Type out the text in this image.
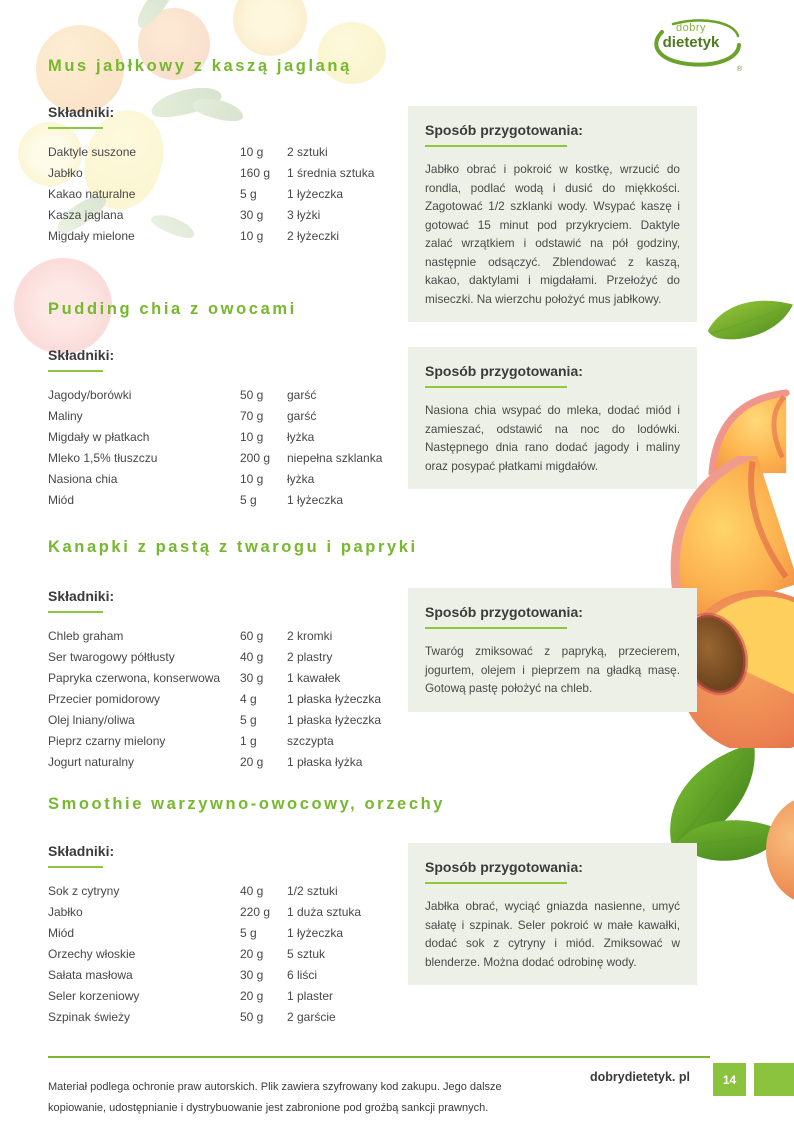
dobry
dietetyk
®
Mus jabłkowy z kaszą jaglaną
Składniki:
Daktyle suszone	10 g	2 sztuki
Jabłko	160 g	1 średnia sztuka
Kakao naturalne	5 g	1 łyżeczka
Kasza jaglana	30 g	3 łyżki
Migdały mielone	10 g	2 łyżeczki
Sposób przygotowania:

Jabłko obrać i pokroić w kostkę, wrzucić do rondla, podlać wodą i dusić do miękkości. Zagotować 1/2 szklanki wody. Wsypać kaszę i gotować 15 minut pod przykryciem. Daktyle zalać wrzątkiem i odstawić na pół godziny, następnie odsączyć. Zblendować z kaszą, kakao, daktylami i migdałami. Przełożyć do miseczki. Na wierzchu położyć mus jabłkowy.

Pudding chia z owocami
Składniki:
Jagody/borówki	50 g	garść
Maliny	70 g	garść
Migdały w płatkach	10 g	łyżka
Mleko 1,5% tłuszczu	200 g	niepełna szklanka
Nasiona chia	10 g	łyżka
Miód	5 g	1 łyżeczka
Sposób przygotowania:

Nasiona chia wsypać do mleka, dodać miód i zamieszać, odstawić na noc do lodówki. Następnego dnia rano dodać jagody i maliny oraz posypać płatkami migdałów.

Kanapki z pastą z twarogu i papryki
Składniki:
Chleb graham	60 g	2 kromki
Ser twarogowy półtłusty	40 g	2 plastry
Papryka czerwona, konserwowa	30 g	1 kawałek
Przecier pomidorowy	4 g	1 płaska łyżeczka
Olej lniany/oliwa	5 g	1 płaska łyżeczka
Pieprz czarny mielony	1 g	szczypta
Jogurt naturalny	20 g	1 płaska łyżka
Sposób przygotowania:

Twaróg zmiksować z papryką, przecierem, jogurtem, olejem i pieprzem na gładką masę. Gotową pastę położyć na chleb.

Smoothie warzywno-owocowy, orzechy
Składniki:
Sok z cytryny	40 g	1/2 sztuki
Jabłko	220 g	1 duża sztuka
Miód	5 g	1 łyżeczka
Orzechy włoskie	20 g	5 sztuk
Sałata masłowa	30 g	6 liści
Seler korzeniowy	20 g	1 plaster
Szpinak świeży	50 g	2 garście
Sposób przygotowania:

Jabłka obrać, wyciąć gniazda nasienne, umyć sałatę i szpinak. Seler pokroić w małe kawałki, dodać sok z cytryny i miód. Zmiksować w blenderze. Można dodać odrobinę wody.

Materiał podlega ochronie praw autorskich. Plik zawiera szyfrowany kod zakupu. Jego dalsze kopiowanie, udostępnianie i dystrybuowanie jest zabronione pod groźbą sankcji prawnych.

dobrydietetyk. pl	14
